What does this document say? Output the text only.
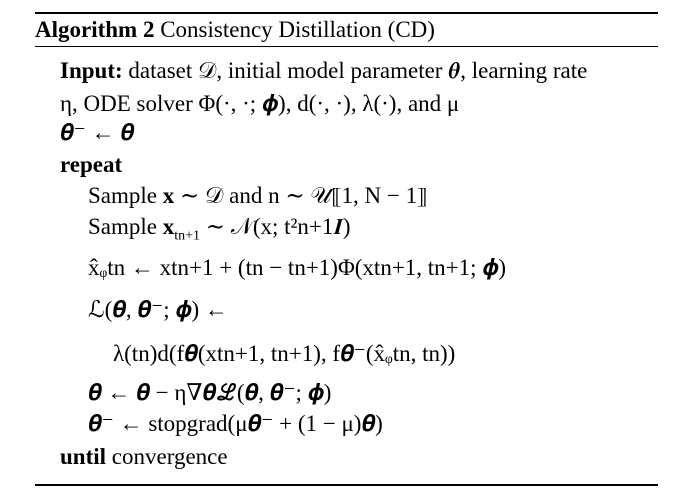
Algorithm 2 Consistency Distillation (CD)
Input: dataset 𝒟, initial model parameter 𝜽, learning rate
η, ODE solver Φ(·, ·; 𝝓), d(·, ·), λ(·), and μ
𝜽⁻ ← 𝜽
repeat
Sample x ∼ 𝒟 and n ∼ 𝒰⟦1, N − 1⟧
Sample $x_{tn+1}$ ∼ 𝒩(x; t²n+1𝑰)
x̂ᵩtn ← xtn+1 + (tn − tn+1)Φ(xtn+1, tn+1; 𝝓)
ℒ(𝜽, 𝜽⁻; 𝝓) ←
λ(tn)d(f𝜽(xtn+1, tn+1), f𝜽⁻(x̂ᵩtn, tn))
𝜽 ← 𝜽 − η∇𝜽ℒ(𝜽, 𝜽⁻; 𝝓)
𝜽⁻ ← stopgrad(μ𝜽⁻ + (1 − μ)𝜽)
until convergence
